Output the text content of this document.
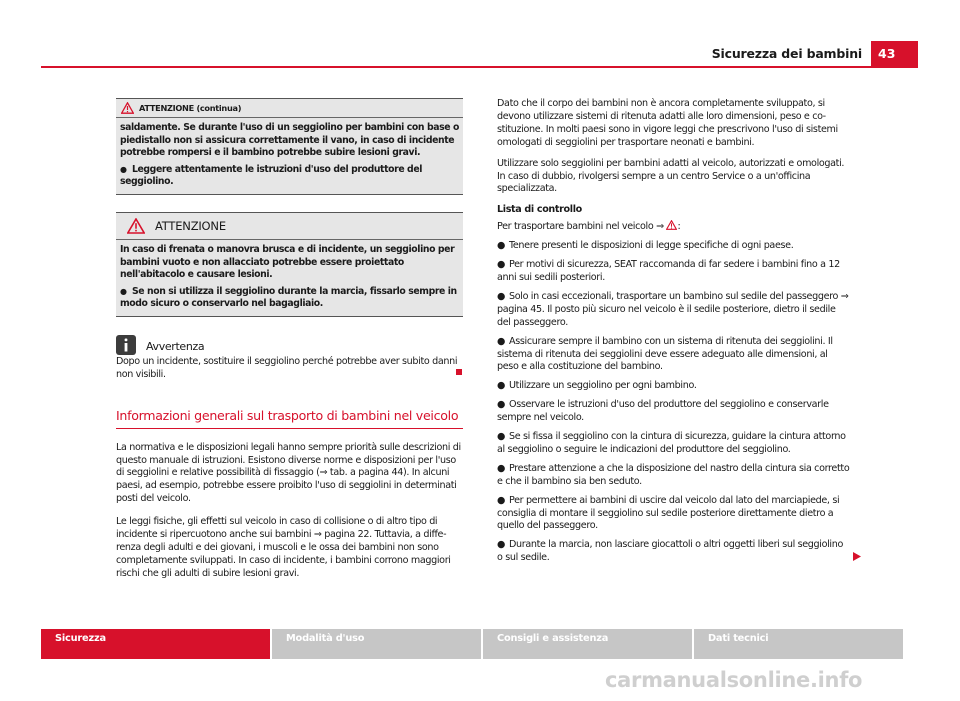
Sicurezza dei bambini	43
ATTENZIONE (continua)

saldamente. Se durante l'uso di un seggiolino per bambini con base o piedistallo non si assicura correttamente il vano, in caso di incidente potrebbe rompersi e il bambino potrebbe subire lesioni gravi.

● Leggere attentamente le istruzioni d'uso del produttore del seggiolino.

ATTENZIONE

In caso di frenata o manovra brusca e di incidente, un seggiolino per bambini vuoto e non allacciato potrebbe essere proiettato nell'abitacolo e causare lesioni.

● Se non si utilizza il seggiolino durante la marcia, fissarlo sempre in modo sicuro o conservarlo nel bagagliaio.

Avvertenza

Dopo un incidente, sostituire il seggiolino perché potrebbe aver subito danni non visibili.

Informazioni generali sul trasporto di bambini nel veicolo

La normativa e le disposizioni legali hanno sempre priorità sulle descrizioni di questo manuale di istruzioni. Esistono diverse norme e disposizioni per l'uso di seggiolini e relative possibilità di fissaggio (⇒ tab. a pagina 44). In alcuni paesi, ad esempio, potrebbe essere proibito l'uso di seggiolini in determinati posti del veicolo.

Le leggi fisiche, gli effetti sul veicolo in caso di collisione o di altro tipo di incidente si ripercuotono anche sui bambini ⇒ pagina 22. Tuttavia, a differenza degli adulti e dei giovani, i muscoli e le ossa dei bambini non sono completamente sviluppati. In caso di incidente, i bambini corrono maggiori rischi che gli adulti di subire lesioni gravi.

Dato che il corpo dei bambini non è ancora completamente sviluppato, si devono utilizzare sistemi di ritenuta adatti alle loro dimensioni, peso e costituzione. In molti paesi sono in vigore leggi che prescrivono l'uso di sistemi omologati di seggiolini per trasportare neonati e bambini.

Utilizzare solo seggiolini per bambini adatti al veicolo, autorizzati e omologati. In caso di dubbio, rivolgersi sempre a un centro Service o a un'officina specializzata.

Lista di controllo

Per trasportare bambini nel veicolo ⇒ :

● Tenere presenti le disposizioni di legge specifiche di ogni paese.

● Per motivi di sicurezza, SEAT raccomanda di far sedere i bambini fino a 12 anni sui sedili posteriori.

● Solo in casi eccezionali, trasportare un bambino sul sedile del passeggero ⇒ pagina 45. Il posto più sicuro nel veicolo è il sedile posteriore, dietro il sedile del passeggero.

● Assicurare sempre il bambino con un sistema di ritenuta dei seggiolini. Il sistema di ritenuta dei seggiolini deve essere adeguato alle dimensioni, al peso e alla costituzione del bambino.

● Utilizzare un seggiolino per ogni bambino.

● Osservare le istruzioni d'uso del produttore del seggiolino e conservarle sempre nel veicolo.

● Se si fissa il seggiolino con la cintura di sicurezza, guidare la cintura attorno al seggiolino o seguire le indicazioni del produttore del seggiolino.

● Prestare attenzione a che la disposizione del nastro della cintura sia corretto e che il bambino sia ben seduto.

● Per permettere ai bambini di uscire dal veicolo dal lato del marciapiede, si consiglia di montare il seggiolino sul sedile posteriore direttamente dietro a quello del passeggero.

● Durante la marcia, non lasciare giocattoli o altri oggetti liberi sul seggiolino o sul sedile.

Sicurezza	Modalità d'uso	Consigli e assistenza	Dati tecnici
carmanualsonline.info
